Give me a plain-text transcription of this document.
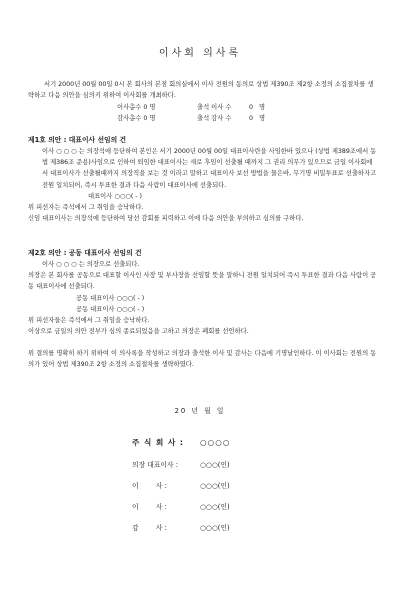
이사회 의사록
서기 2000년 00월 00일 0시 본 회사의 본점 회의실에서 이사 전원의 동의로 상법 제390조 제2항 소정의 소집절차를 생략하고 다음 의안을 심의키 위하여 이사회를 개최하다.
이사총수 0 명	출석 이사 수	0 명
감사총수 0 명	출석 감사 수	0 명
제1호 의안 : 대표이사 선임의 건
이사 ○ ○ ○ 는 의장석에 등단하여 본인은 서기 2000년 00월 00일 대표이사란을 사임한바 있으나 (상법 제389조에서 동법 제386조 준용)사임으로 인하여 퇴임한 대표이사는 새로 후임이 선출될 때까지 그 권리 의무가 있으므로 금일 이사회에서 대표이사가 선출될때까지 의장직을 보는 것 이라고 말하고 대표이사 보선 방법을 물은바, 무기명 비밀투표로 선출하자고 전원 일치되어, 즉시 투표한 결과 다음 사람이 대표이사에 선출되다.
대표이사 ○○○( - )
위 피선자는 즉석에서 그 취임을 승낙하다.
신임 대표이사는 의장석에 등단하여 당선 감회를 피력하고 이에 다음 의안을 부의하고 심의를 구하다.
제2호 의안 : 공동 대표이사 선임의 건
이사 ○ ○ ○ 는 의장으로 선출되다.
의장은 본 회사를 공동으로 대표할 이사인 사장 및 부사장을 선임할 뜻을 말하니 전원 일치되어 즉시 투표한 결과 다음 사람이 공동 대표이사에 선출되다.
공동 대표이사 ○○○( - )
공동 대표이사 ○○○( - )
위 피선자들은 즉석에서 그 취임을 승낙하다.
이상으로 금일의 의안 전부가 심의 종료되었음을 고하고 의장은 폐회를 선언하다.
위 결의를 명확히 하기 위하여 이 의사록을 작성하고 의장과 출석한 이사 및 감사는 다음에 기명날인하다. 이 이사회는 전원의 동의가 있어 상법 제390조 2항 소정의 소집절차를 생략하였다.
20 년 월 일
주 식 회 사 :	○○○○
의장 대표이사 :	○○○(인)
이        사 :	○○○(인)
이        사 :	○○○(인)
감        사 :	○○○(인)
